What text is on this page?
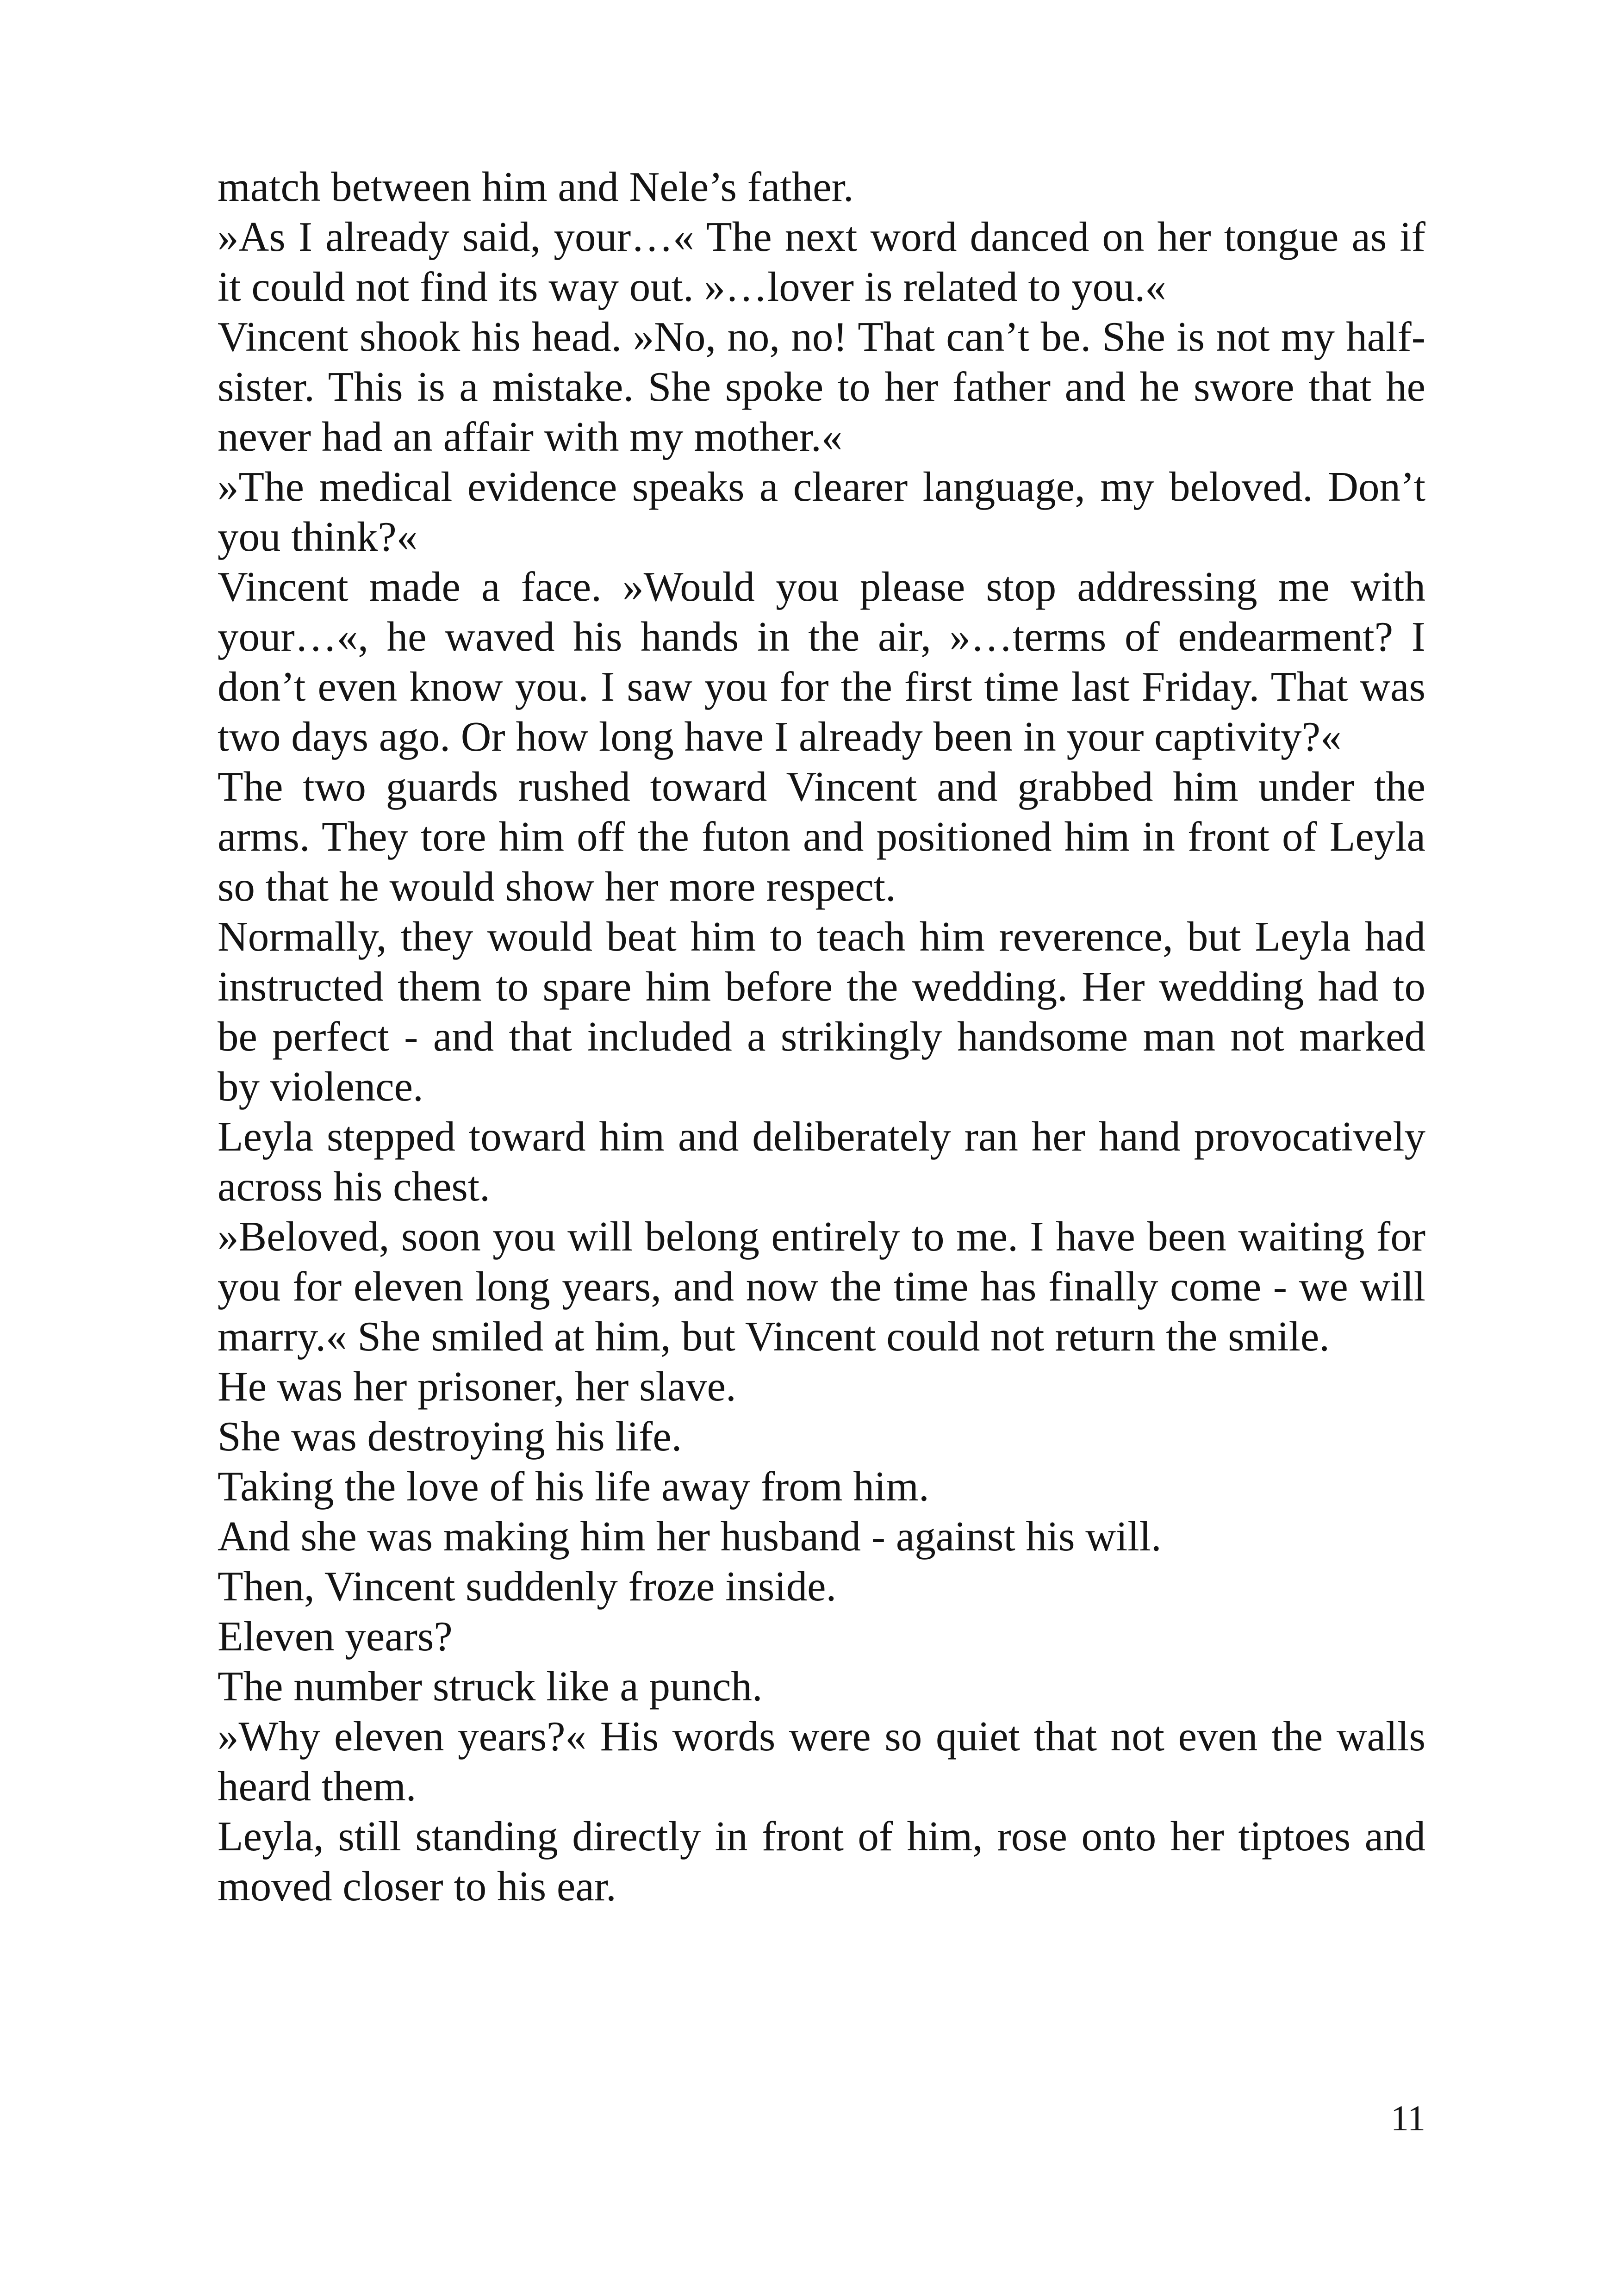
match between him and Nele’s father.

»As I already said, your…« The next word danced on her tongue as if it could not find its way out. »…lover is related to you.«

Vincent shook his head. »No, no, no! That can’t be. She is not my half-sister. This is a mistake. She spoke to her father and he swore that he never had an affair with my mother.«

»The medical evidence speaks a clearer language, my beloved. Don’t you think?«

Vincent made a face. »Would you please stop addressing me with your…«, he waved his hands in the air, »…terms of endearment? I don’t even know you. I saw you for the first time last Friday. That was two days ago. Or how long have I already been in your captivity?«

The two guards rushed toward Vincent and grabbed him under the arms. They tore him off the futon and positioned him in front of Leyla so that he would show her more respect.

Normally, they would beat him to teach him reverence, but Leyla had instructed them to spare him before the wedding. Her wedding had to be perfect - and that included a strikingly handsome man not marked by violence.

Leyla stepped toward him and deliberately ran her hand provocatively across his chest.

»Beloved, soon you will belong entirely to me. I have been waiting for you for eleven long years, and now the time has finally come - we will marry.« She smiled at him, but Vincent could not return the smile.

He was her prisoner, her slave.

She was destroying his life.

Taking the love of his life away from him.

And she was making him her husband - against his will.

Then, Vincent suddenly froze inside.

Eleven years?

The number struck like a punch.

»Why eleven years?« His words were so quiet that not even the walls heard them.

Leyla, still standing directly in front of him, rose onto her tiptoes and moved closer to his ear.

11
